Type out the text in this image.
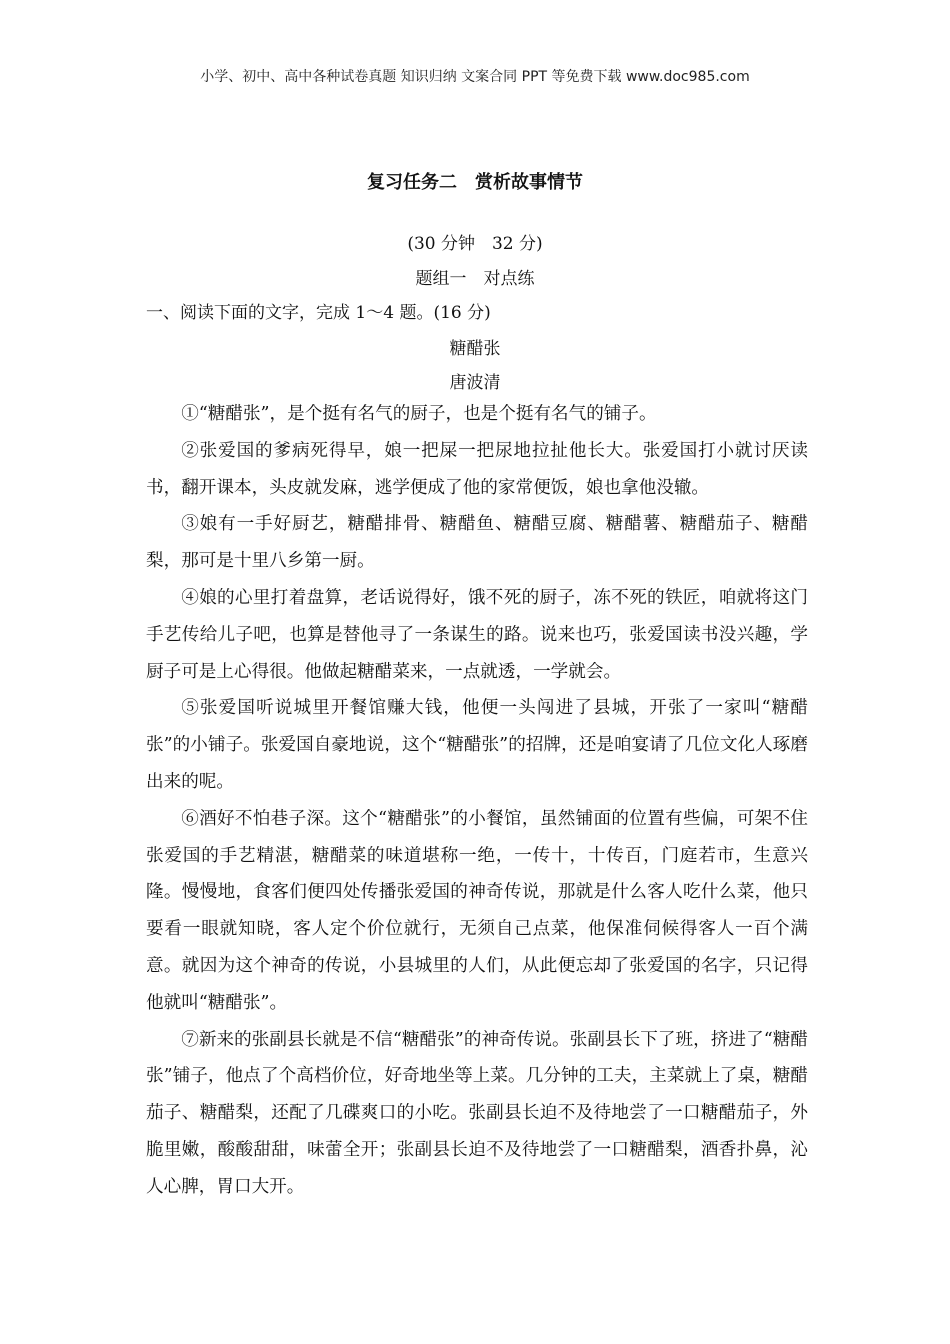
小学、初中、高中各种试卷真题 知识归纳 文案合同 PPT 等免费下载 www.doc985.com
复习任务二　赏析故事情节
(30 分钟　32 分)
题组一　对点练
一、阅读下面的文字，完成 1～4 题。(16 分)
糖醋张
唐波清

①“糖醋张”，是个挺有名气的厨子，也是个挺有名气的铺子。

②张爱国的爹病死得早，娘一把屎一把尿地拉扯他长大。张爱国打小就讨厌读书，翻开课本，头皮就发麻，逃学便成了他的家常便饭，娘也拿他没辙。

③娘有一手好厨艺，糖醋排骨、糖醋鱼、糖醋豆腐、糖醋薯、糖醋茄子、糖醋梨，那可是十里八乡第一厨。

④娘的心里打着盘算，老话说得好，饿不死的厨子，冻不死的铁匠，咱就将这门手艺传给儿子吧，也算是替他寻了一条谋生的路。说来也巧，张爱国读书没兴趣，学厨子可是上心得很。他做起糖醋菜来，一点就透，一学就会。

⑤张爱国听说城里开餐馆赚大钱，他便一头闯进了县城，开张了一家叫“糖醋张”的小铺子。张爱国自豪地说，这个“糖醋张”的招牌，还是咱宴请了几位文化人琢磨出来的呢。

⑥酒好不怕巷子深。这个“糖醋张”的小餐馆，虽然铺面的位置有些偏，可架不住张爱国的手艺精湛，糖醋菜的味道堪称一绝，一传十，十传百，门庭若市，生意兴隆。慢慢地，食客们便四处传播张爱国的神奇传说，那就是什么客人吃什么菜，他只要看一眼就知晓，客人定个价位就行，无须自己点菜，他保准伺候得客人一百个满意。就因为这个神奇的传说，小县城里的人们，从此便忘却了张爱国的名字，只记得他就叫“糖醋张”。

⑦新来的张副县长就是不信“糖醋张”的神奇传说。张副县长下了班，挤进了“糖醋张”铺子，他点了个高档价位，好奇地坐等上菜。几分钟的工夫，主菜就上了桌，糖醋茄子、糖醋梨，还配了几碟爽口的小吃。张副县长迫不及待地尝了一口糖醋茄子，外脆里嫩，酸酸甜甜，味蕾全开；张副县长迫不及待地尝了一口糖醋梨，酒香扑鼻，沁人心脾，胃口大开。
